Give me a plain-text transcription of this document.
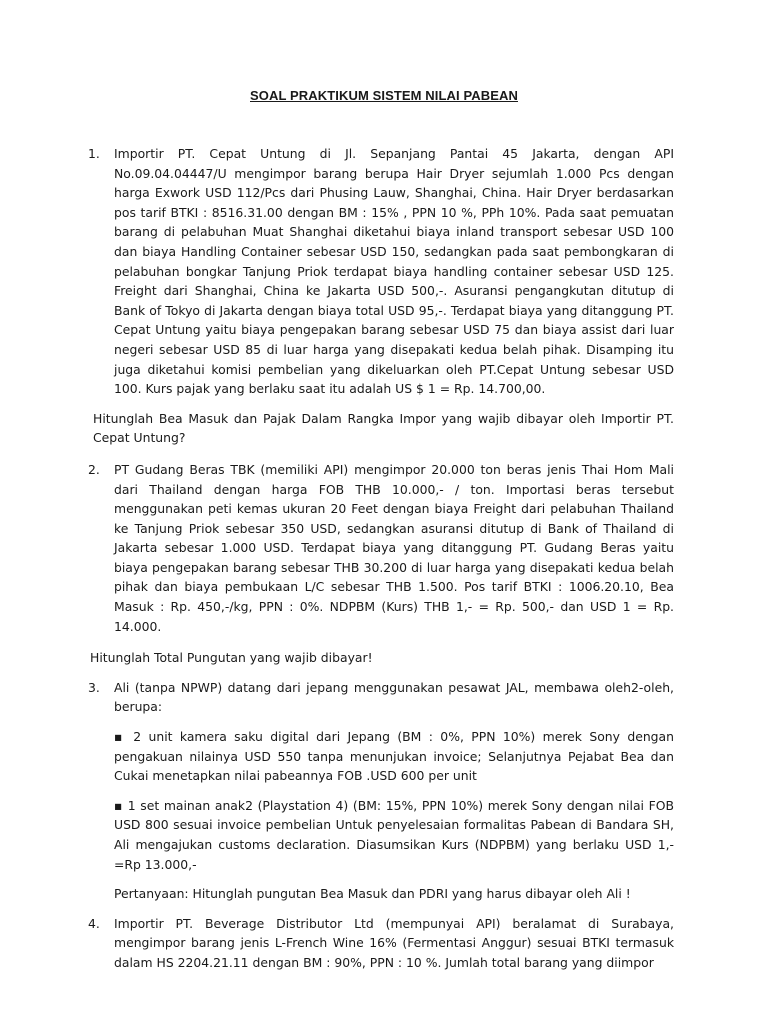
SOAL PRAKTIKUM SISTEM NILAI PABEAN
1. Importir PT. Cepat Untung di Jl. Sepanjang Pantai 45 Jakarta, dengan API No.09.04.04447/U mengimpor barang berupa Hair Dryer sejumlah 1.000 Pcs dengan harga Exwork USD 112/Pcs dari Phusing Lauw, Shanghai, China. Hair Dryer berdasarkan pos tarif BTKI : 8516.31.00 dengan BM : 15% , PPN 10 %, PPh 10%. Pada saat pemuatan barang di pelabuhan Muat Shanghai diketahui biaya inland transport sebesar USD 100 dan biaya Handling Container sebesar USD 150, sedangkan pada saat pembongkaran di pelabuhan bongkar Tanjung Priok terdapat biaya handling container sebesar USD 125. Freight dari Shanghai, China ke Jakarta USD 500,-. Asuransi pengangkutan ditutup di Bank of Tokyo di Jakarta dengan biaya total USD 95,-. Terdapat biaya yang ditanggung PT. Cepat Untung yaitu biaya pengepakan barang sebesar USD 75 dan biaya assist dari luar negeri sebesar USD 85 di luar harga yang disepakati kedua belah pihak. Disamping itu juga diketahui komisi pembelian yang dikeluarkan oleh PT.Cepat Untung sebesar USD 100. Kurs pajak yang berlaku saat itu adalah US $ 1 = Rp. 14.700,00.
Hitunglah Bea Masuk dan Pajak Dalam Rangka Impor yang wajib dibayar oleh Importir PT. Cepat Untung?
2. PT Gudang Beras TBK (memiliki API) mengimpor 20.000 ton beras jenis Thai Hom Mali dari Thailand dengan harga FOB THB 10.000,- / ton. Importasi beras tersebut menggunakan peti kemas ukuran 20 Feet dengan biaya Freight dari pelabuhan Thailand ke Tanjung Priok sebesar 350 USD, sedangkan asuransi ditutup di Bank of Thailand di Jakarta sebesar 1.000 USD. Terdapat biaya yang ditanggung PT. Gudang Beras yaitu biaya pengepakan barang sebesar THB 30.200 di luar harga yang disepakati kedua belah pihak dan biaya pembukaan L/C sebesar THB 1.500. Pos tarif BTKI : 1006.20.10, Bea Masuk : Rp. 450,-/kg, PPN : 0%. NDPBM (Kurs) THB 1,- = Rp. 500,- dan USD 1 = Rp. 14.000.
Hitunglah Total Pungutan yang wajib dibayar!
3. Ali (tanpa NPWP) datang dari jepang menggunakan pesawat JAL, membawa oleh2-oleh, berupa:
▪ 2 unit kamera saku digital dari Jepang (BM : 0%, PPN 10%) merek Sony dengan pengakuan nilainya USD 550 tanpa menunjukan invoice; Selanjutnya Pejabat Bea dan Cukai menetapkan nilai pabeannya FOB .USD 600 per unit
▪ 1 set mainan anak2 (Playstation 4) (BM: 15%, PPN 10%) merek Sony dengan nilai FOB USD 800 sesuai invoice pembelian Untuk penyelesaian formalitas Pabean di Bandara SH, Ali mengajukan customs declaration. Diasumsikan Kurs (NDPBM) yang berlaku USD 1,- =Rp 13.000,-
Pertanyaan: Hitunglah pungutan Bea Masuk dan PDRI yang harus dibayar oleh Ali !
4. Importir PT. Beverage Distributor Ltd (mempunyai API) beralamat di Surabaya, mengimpor barang jenis L-French Wine 16% (Fermentasi Anggur) sesuai BTKI termasuk dalam HS 2204.21.11 dengan BM : 90%, PPN : 10 %. Jumlah total barang yang diimpor
